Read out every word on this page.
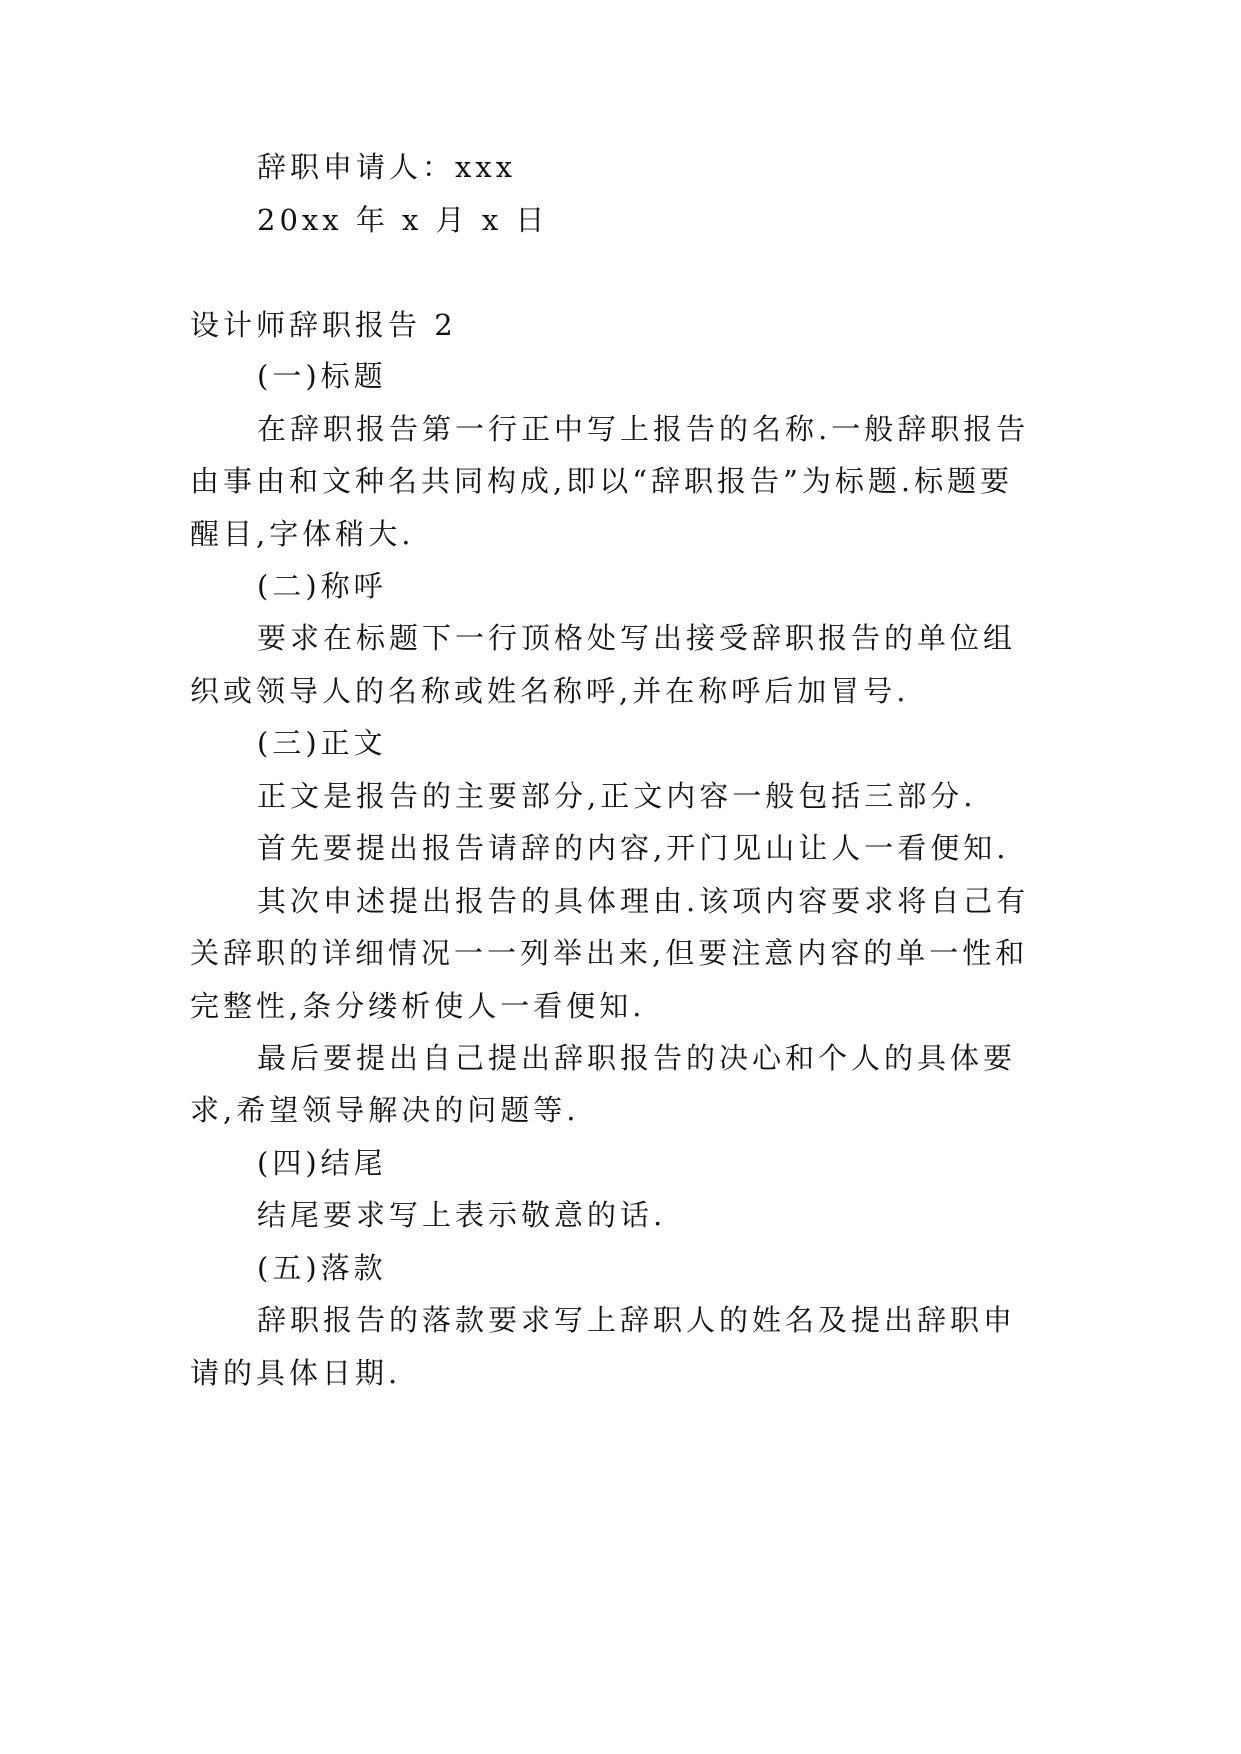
辞职申请人：xxx
20xx 年 x 月 x 日
设计师辞职报告 2
(一)标题
在辞职报告第一行正中写上报告的名称.一般辞职报告
由事由和文种名共同构成,即以“辞职报告”为标题.标题要
醒目,字体稍大.
(二)称呼
要求在标题下一行顶格处写出接受辞职报告的单位组
织或领导人的名称或姓名称呼,并在称呼后加冒号.
(三)正文
正文是报告的主要部分,正文内容一般包括三部分.
首先要提出报告请辞的内容,开门见山让人一看便知.
其次申述提出报告的具体理由.该项内容要求将自己有
关辞职的详细情况一一列举出来,但要注意内容的单一性和
完整性,条分缕析使人一看便知.
最后要提出自己提出辞职报告的决心和个人的具体要
求,希望领导解决的问题等.
(四)结尾
结尾要求写上表示敬意的话.
(五)落款
辞职报告的落款要求写上辞职人的姓名及提出辞职申
请的具体日期.
